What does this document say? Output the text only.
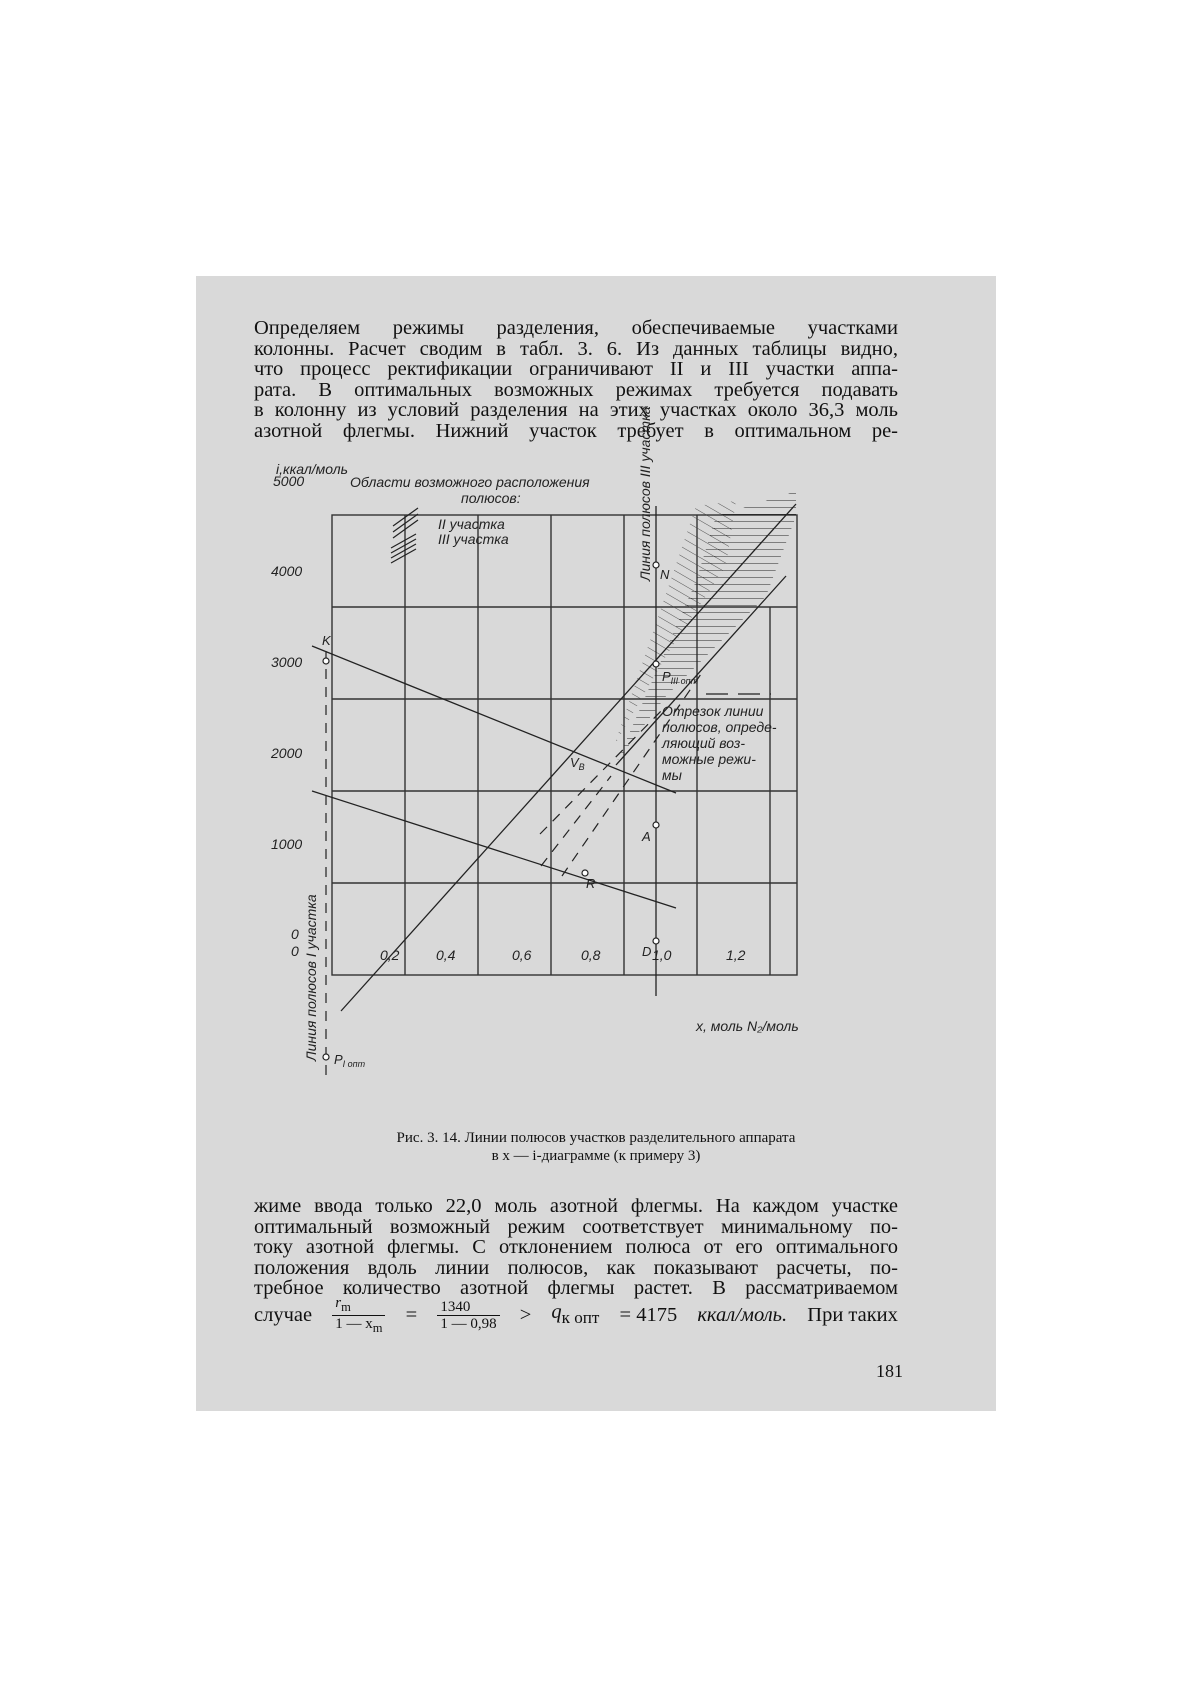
Определяем режимы разделения, обеспечиваемые участками
колонны. Расчет сводим в табл. 3. 6. Из данных таблицы видно,
что процесс ректификации ограничивают II и III участки аппа-
рата. В оптимальных возможных режимах требуется подавать
в колонну из условий разделения на этих участках около 36,3 моль
азотной флегмы. Нижний участок требует в оптимальном ре-
i,ккал/моль
x, моль N₂/моль
5000
4000
3000
2000
1000
0
0	0,2	0,4	0,6	0,8	1,0	1,2
Области возможного расположения
полюсов:
II участка
III участка
Отрезок линии
полюсов, опреде-
ляющий воз-
можные режи-
мы
Линия полюсов I участка
Линия полюсов III участка
K
A
D
N
$V_B$
R
$P_{III опт}$
$P_{I опт}$
Рис. 3. 14. Линии полюсов участков разделительного аппарата
в x — i-диаграмме (к примеру 3)
жиме ввода только 22,0 моль азотной флегмы. На каждом участке
оптимальный возможный режим соответствует минимальному по-
току азотной флегмы. С отклонением полюса от его оптимального
положения вдоль линии полюсов, как показывают расчеты, по-
требное количество азотной флегмы растет. В рассматриваемом
случае $\frac{r_m}{1 — x_m} = \frac{1340}{1 — 0,98} > q_{к опт} = 4175$ ккал/моль. При таких
181
